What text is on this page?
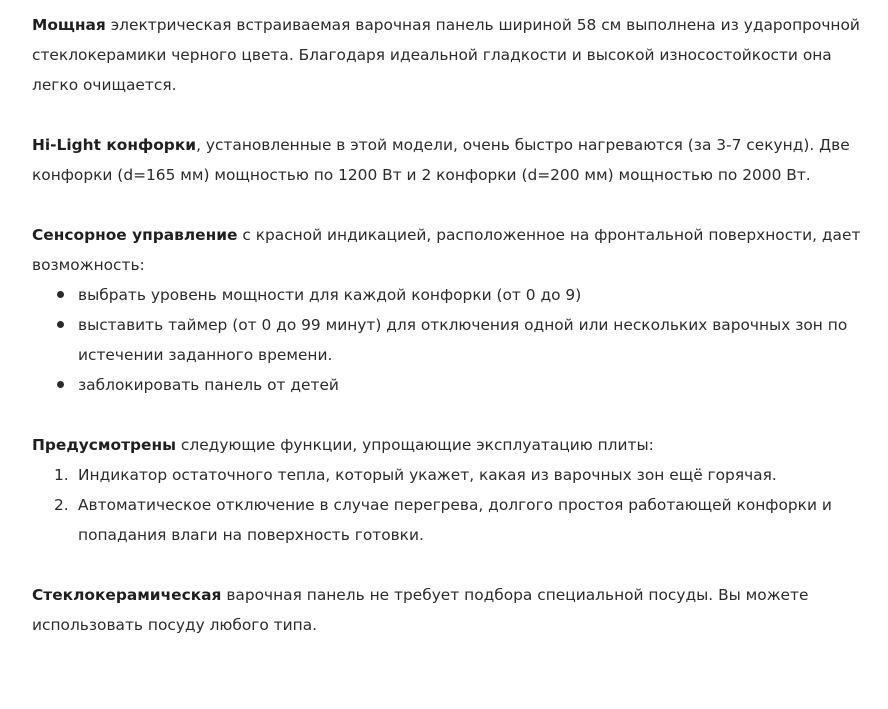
Мощная электрическая встраиваемая варочная панель шириной 58 см выполнена из ударопрочной стеклокерамики черного цвета. Благодаря идеальной гладкости и высокой износостойкости она легко очищается.

Hi-Light конфорки, установленные в этой модели, очень быстро нагреваются (за 3-7 секунд). Две конфорки (d=165 мм) мощностью по 1200 Вт и 2 конфорки (d=200 мм) мощностью по 2000 Вт.

Сенсорное управление с красной индикацией, расположенное на фронтальной поверхности, дает возможность:

выбрать уровень мощности для каждой конфорки (от 0 до 9)
выставить таймер (от 0 до 99 минут) для отключения одной или нескольких варочных зон по истечении заданного времени.
заблокировать панель от детей

Предусмотрены следующие функции, упрощающие эксплуатацию плиты:

1. Индикатор остаточного тепла, который укажет, какая из варочных зон ещё горячая.
2. Автоматическое отключение в случае перегрева, долгого простоя работающей конфорки и попадания влаги на поверхность готовки.

Стеклокерамическая варочная панель не требует подбора специальной посуды. Вы можете использовать посуду любого типа.
